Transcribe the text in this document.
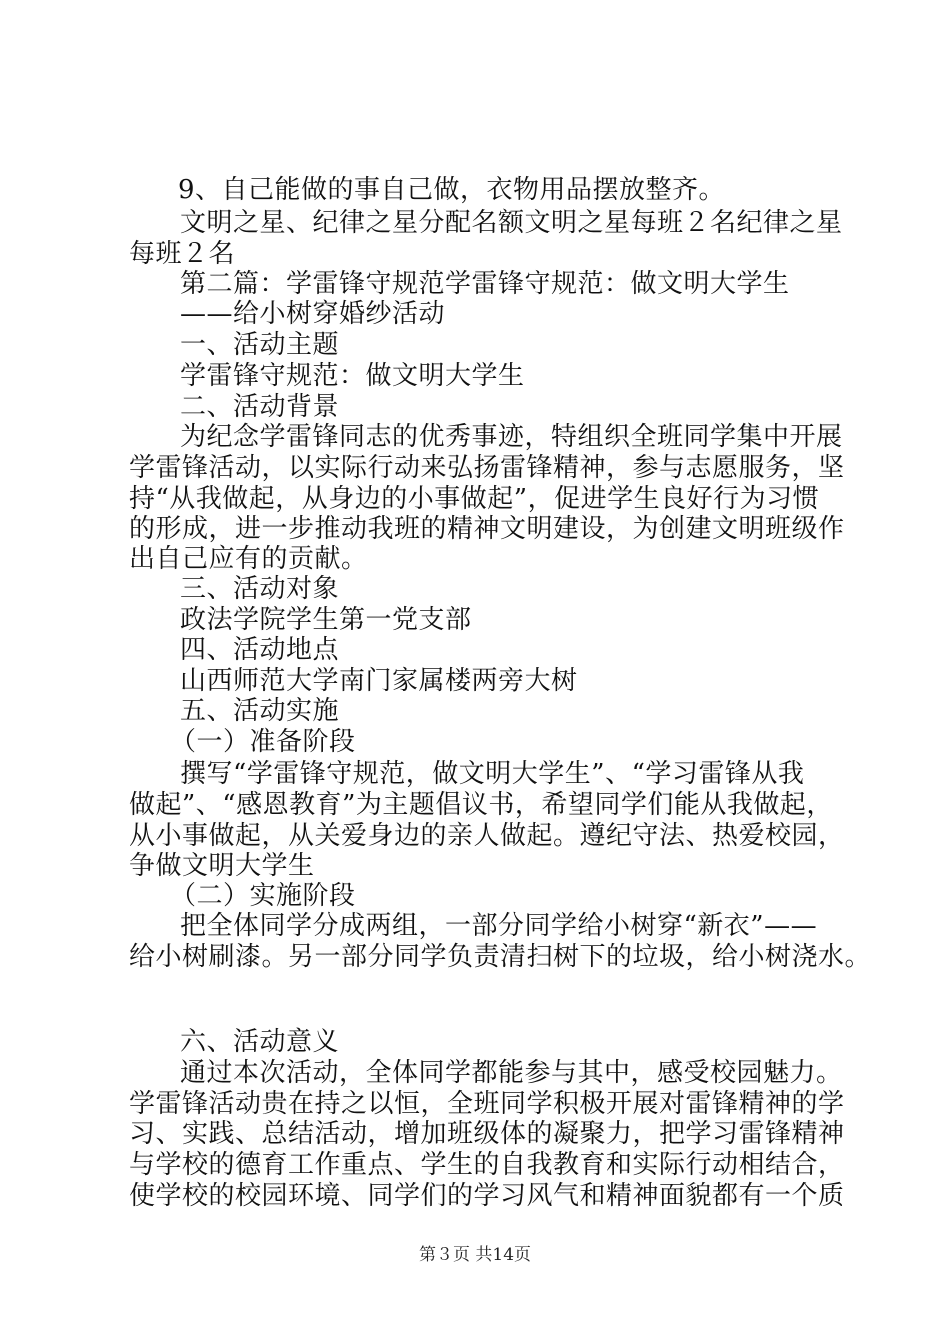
9、自己能做的事自己做，衣物用品摆放整齐。
文明之星、纪律之星分配名额文明之星每班２名纪律之星
每班２名
第二篇：学雷锋守规范学雷锋守规范：做文明大学生
——给小树穿婚纱活动
一、活动主题
学雷锋守规范：做文明大学生
二、活动背景
为纪念学雷锋同志的优秀事迹，特组织全班同学集中开展
学雷锋活动，以实际行动来弘扬雷锋精神，参与志愿服务，坚
持“从我做起，从身边的小事做起”，促进学生良好行为习惯
的形成，进一步推动我班的精神文明建设，为创建文明班级作
出自己应有的贡献。
三、活动对象
政法学院学生第一党支部
四、活动地点
山西师范大学南门家属楼两旁大树
五、活动实施
（一）准备阶段
撰写“学雷锋守规范，做文明大学生”、“学习雷锋从我
做起”、“感恩教育”为主题倡议书，希望同学们能从我做起，
从小事做起，从关爱身边的亲人做起。遵纪守法、热爱校园，
争做文明大学生
（二）实施阶段
把全体同学分成两组，一部分同学给小树穿“新衣”——
给小树刷漆。另一部分同学负责清扫树下的垃圾，给小树浇水。
六、活动意义
通过本次活动，全体同学都能参与其中，感受校园魅力。
学雷锋活动贵在持之以恒，全班同学积极开展对雷锋精神的学
习、实践、总结活动，增加班级体的凝聚力，把学习雷锋精神
与学校的德育工作重点、学生的自我教育和实际行动相结合，
使学校的校园环境、同学们的学习风气和精神面貌都有一个质
第３页 共14页
